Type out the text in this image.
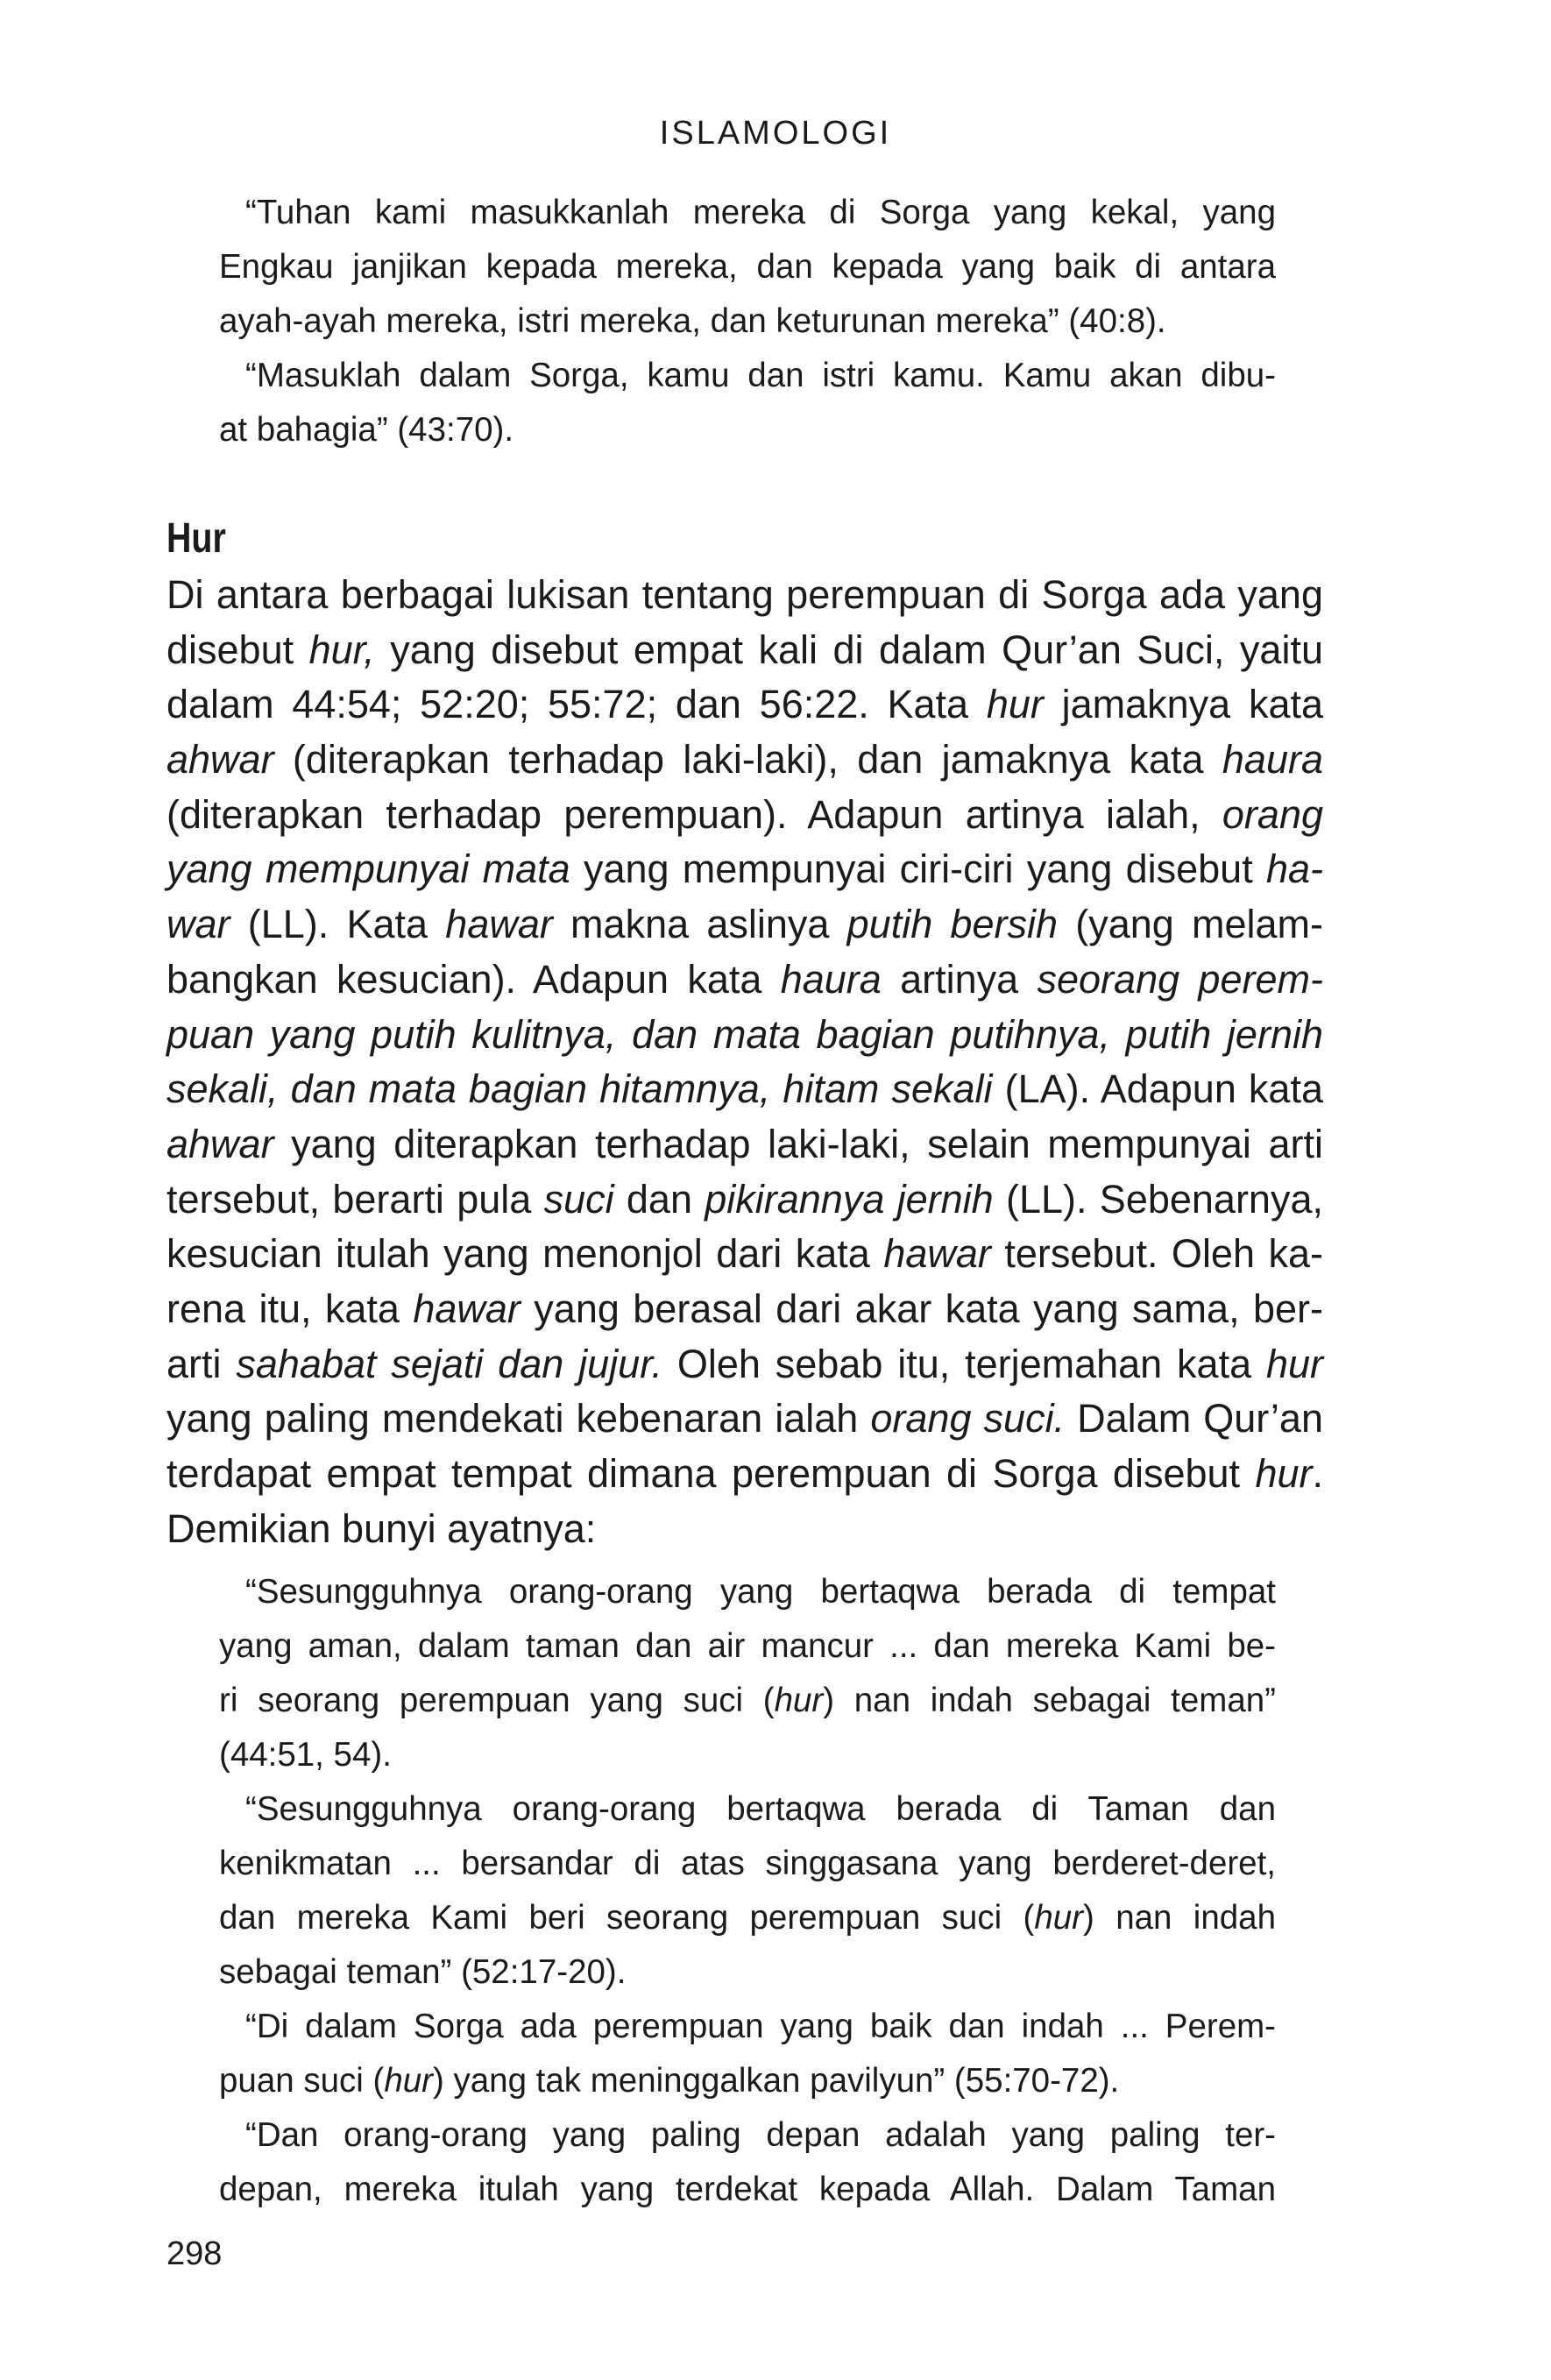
ISLAMOLOGI
“Tuhan kami masukkanlah mereka di Sorga yang kekal, yang
Engkau janjikan kepada mereka, dan kepada yang baik di antara
ayah-ayah mereka, istri mereka, dan keturunan mereka” (40:8).
“Masuklah dalam Sorga, kamu dan istri kamu. Kamu akan dibu-
at bahagia” (43:70).
Hur
Di antara berbagai lukisan tentang perempuan di Sorga ada yang
disebut hur, yang disebut empat kali di dalam Qur’an Suci, yaitu
dalam 44:54; 52:20; 55:72; dan 56:22. Kata hur jamaknya kata
ahwar (diterapkan terhadap laki-laki), dan jamaknya kata haura
(diterapkan terhadap perempuan). Adapun artinya ialah, orang
yang mempunyai mata yang mempunyai ciri-ciri yang disebut ha-
war (LL). Kata hawar makna aslinya putih bersih (yang melam-
bangkan kesucian). Adapun kata haura artinya seorang perem-
puan yang putih kulitnya, dan mata bagian putihnya, putih jernih
sekali, dan mata bagian hitamnya, hitam sekali (LA). Adapun kata
ahwar yang diterapkan terhadap laki-laki, selain mempunyai arti
tersebut, berarti pula suci dan pikirannya jernih (LL). Sebenarnya,
kesucian itulah yang menonjol dari kata hawar tersebut. Oleh ka-
rena itu, kata hawar yang berasal dari akar kata yang sama, ber-
arti sahabat sejati dan jujur. Oleh sebab itu, terjemahan kata hur
yang paling mendekati kebenaran ialah orang suci. Dalam Qur’an
terdapat empat tempat dimana perempuan di Sorga disebut hur.
Demikian bunyi ayatnya:
“Sesungguhnya orang-orang yang bertaqwa berada di tempat
yang aman, dalam taman dan air mancur ... dan mereka Kami be-
ri seorang perempuan yang suci (hur) nan indah sebagai teman”
(44:51, 54).
“Sesungguhnya orang-orang bertaqwa berada di Taman dan
kenikmatan ... bersandar di atas singgasana yang berderet-deret,
dan mereka Kami beri seorang perempuan suci (hur) nan indah
sebagai teman” (52:17-20).
“Di dalam Sorga ada perempuan yang baik dan indah ... Perem-
puan suci (hur) yang tak meninggalkan pavilyun” (55:70-72).
“Dan orang-orang yang paling depan adalah yang paling ter-
depan, mereka itulah yang terdekat kepada Allah. Dalam Taman
298
